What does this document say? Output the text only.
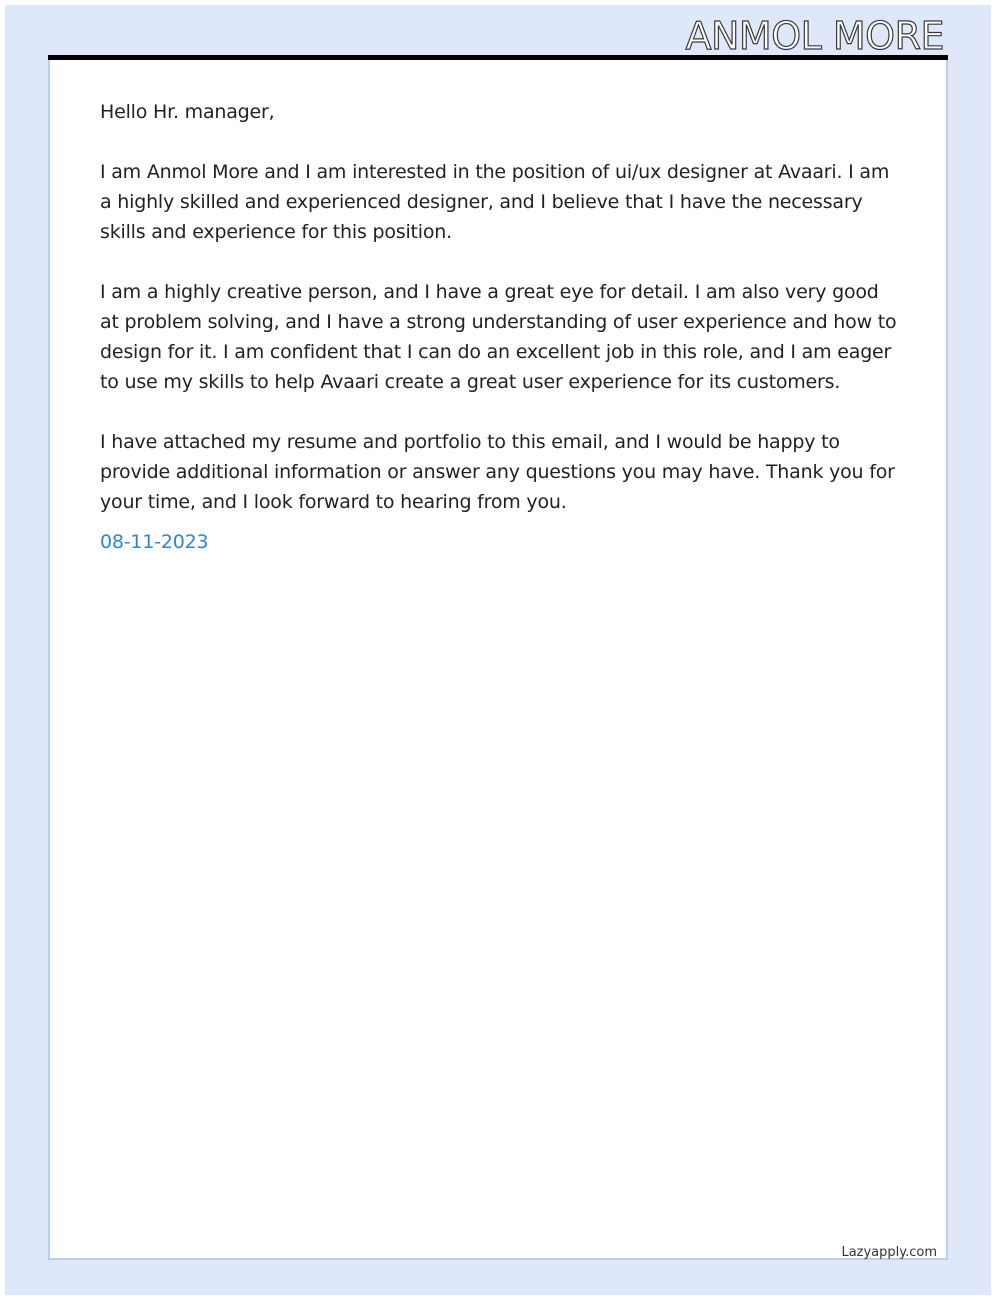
ANMOL MORE

Hello Hr. manager,

I am Anmol More and I am interested in the position of ui/ux designer at Avaari. I am a highly skilled and experienced designer, and I believe that I have the necessary skills and experience for this position.

I am a highly creative person, and I have a great eye for detail. I am also very good at problem solving, and I have a strong understanding of user experience and how to design for it. I am confident that I can do an excellent job in this role, and I am eager to use my skills to help Avaari create a great user experience for its customers.

I have attached my resume and portfolio to this email, and I would be happy to provide additional information or answer any questions you may have. Thank you for your time, and I look forward to hearing from you.

08-11-2023
Lazyapply.com
